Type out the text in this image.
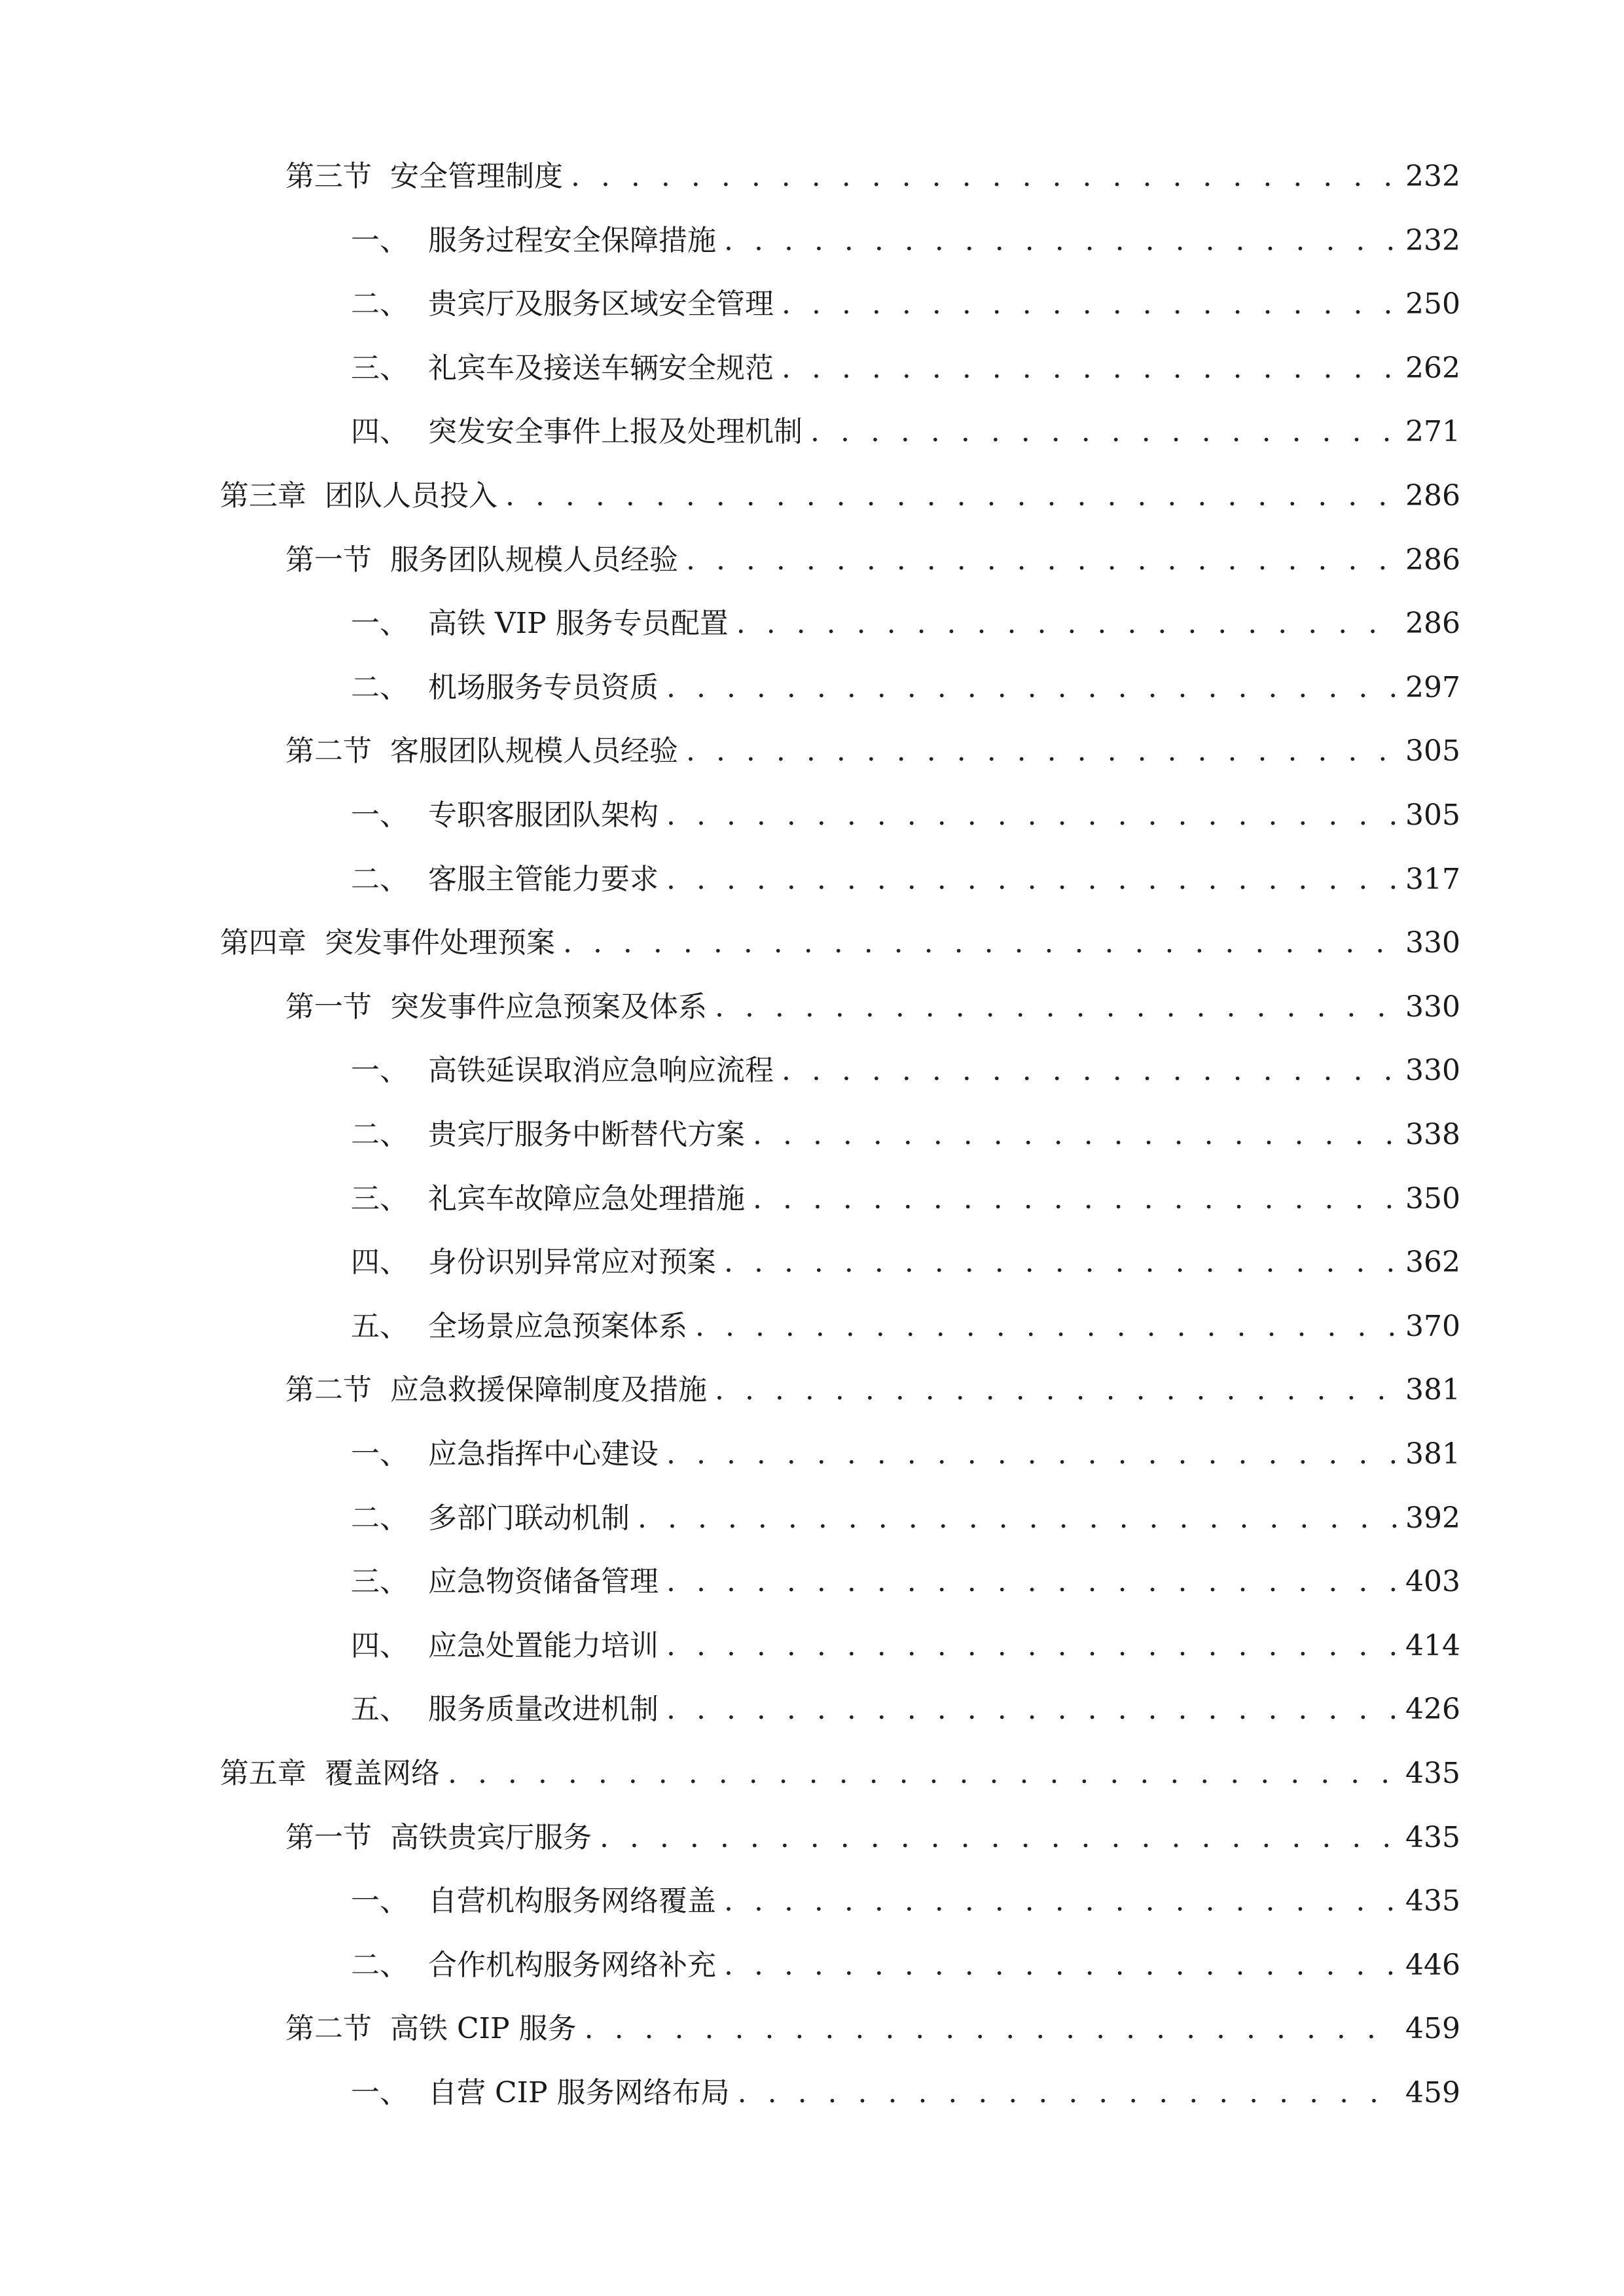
第三节  安全管理制度 . . .	232
一、 服务过程安全保障措施 . . .	232
二、 贵宾厅及服务区域安全管理 . . .	250
三、 礼宾车及接送车辆安全规范 . . .	262
四、 突发安全事件上报及处理机制 . . .	271
第三章  团队人员投入 . . .	286
第一节  服务团队规模人员经验 . . .	286
一、 高铁 VIP 服务专员配置 . . .	286
二、 机场服务专员资质 . . .	297
第二节  客服团队规模人员经验 . . .	305
一、 专职客服团队架构 . . .	305
二、 客服主管能力要求 . . .	317
第四章  突发事件处理预案 . . .	330
第一节  突发事件应急预案及体系 . . .	330
一、 高铁延误取消应急响应流程 . . .	330
二、 贵宾厅服务中断替代方案 . . .	338
三、 礼宾车故障应急处理措施 . . .	350
四、 身份识别异常应对预案 . . .	362
五、 全场景应急预案体系 . . .	370
第二节  应急救援保障制度及措施 . . .	381
一、 应急指挥中心建设 . . .	381
二、 多部门联动机制 . . .	392
三、 应急物资储备管理 . . .	403
四、 应急处置能力培训 . . .	414
五、 服务质量改进机制 . . .	426
第五章  覆盖网络 . . .	435
第一节  高铁贵宾厅服务 . . .	435
一、 自营机构服务网络覆盖 . . .	435
二、 合作机构服务网络补充 . . .	446
第二节  高铁 CIP 服务 . . .	459
一、 自营 CIP 服务网络布局 . . .	459
